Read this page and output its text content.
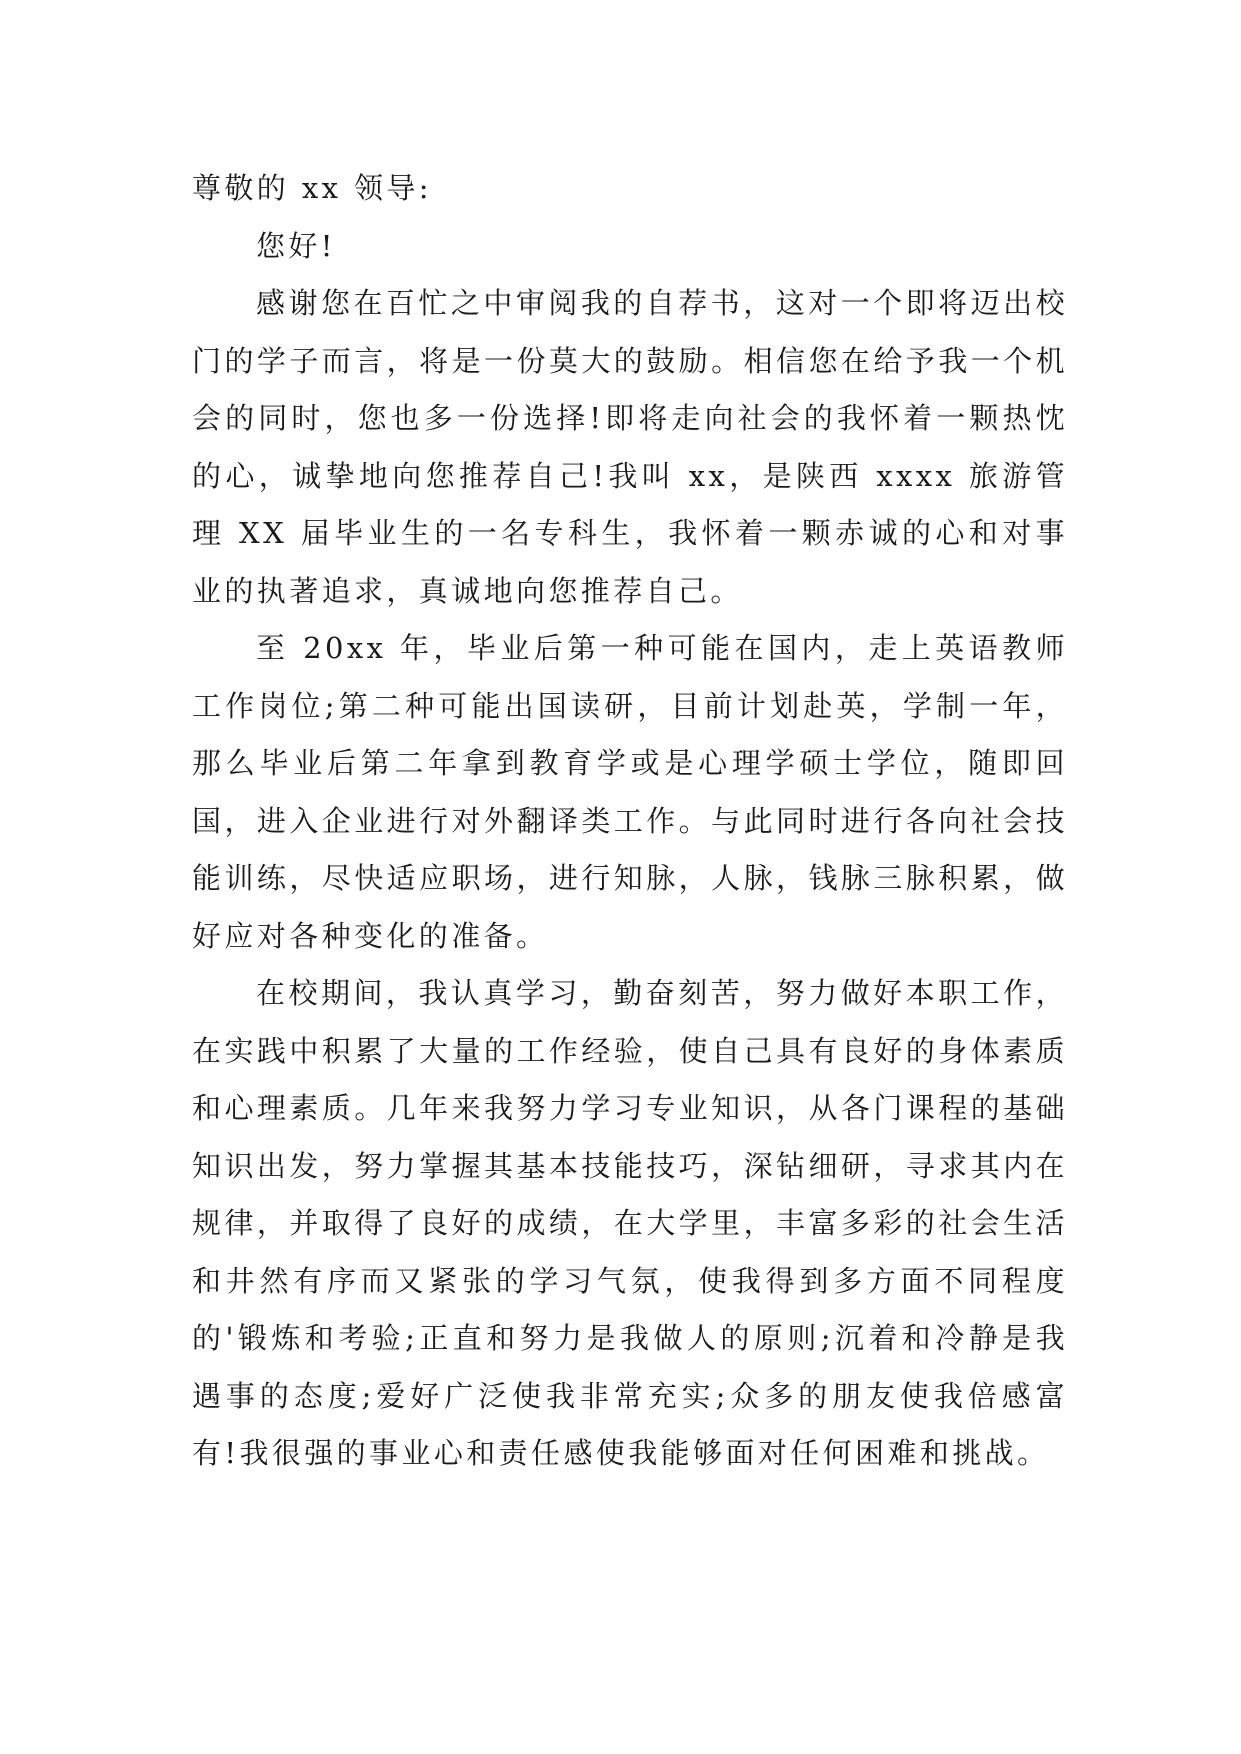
尊敬的 xx 领导:

您好!

感谢您在百忙之中审阅我的自荐书，这对一个即将迈出校门的学子而言，将是一份莫大的鼓励。相信您在给予我一个机会的同时，您也多一份选择!即将走向社会的我怀着一颗热忱的心，诚挚地向您推荐自己!我叫 xx，是陕西 xxxx 旅游管理 XX 届毕业生的一名专科生，我怀着一颗赤诚的心和对事业的执著追求，真诚地向您推荐自己。

至 20xx 年，毕业后第一种可能在国内，走上英语教师工作岗位;第二种可能出国读研，目前计划赴英，学制一年，那么毕业后第二年拿到教育学或是心理学硕士学位，随即回国，进入企业进行对外翻译类工作。与此同时进行各向社会技能训练，尽快适应职场，进行知脉，人脉，钱脉三脉积累，做好应对各种变化的准备。

在校期间，我认真学习，勤奋刻苦，努力做好本职工作，在实践中积累了大量的工作经验，使自己具有良好的身体素质和心理素质。几年来我努力学习专业知识，从各门课程的基础知识出发，努力掌握其基本技能技巧，深钻细研，寻求其内在规律，并取得了良好的成绩，在大学里，丰富多彩的社会生活和井然有序而又紧张的学习气氛，使我得到多方面不同程度的'锻炼和考验;正直和努力是我做人的原则;沉着和冷静是我遇事的态度;爱好广泛使我非常充实;众多的朋友使我倍感富有!我很强的事业心和责任感使我能够面对任何困难和挑战。
